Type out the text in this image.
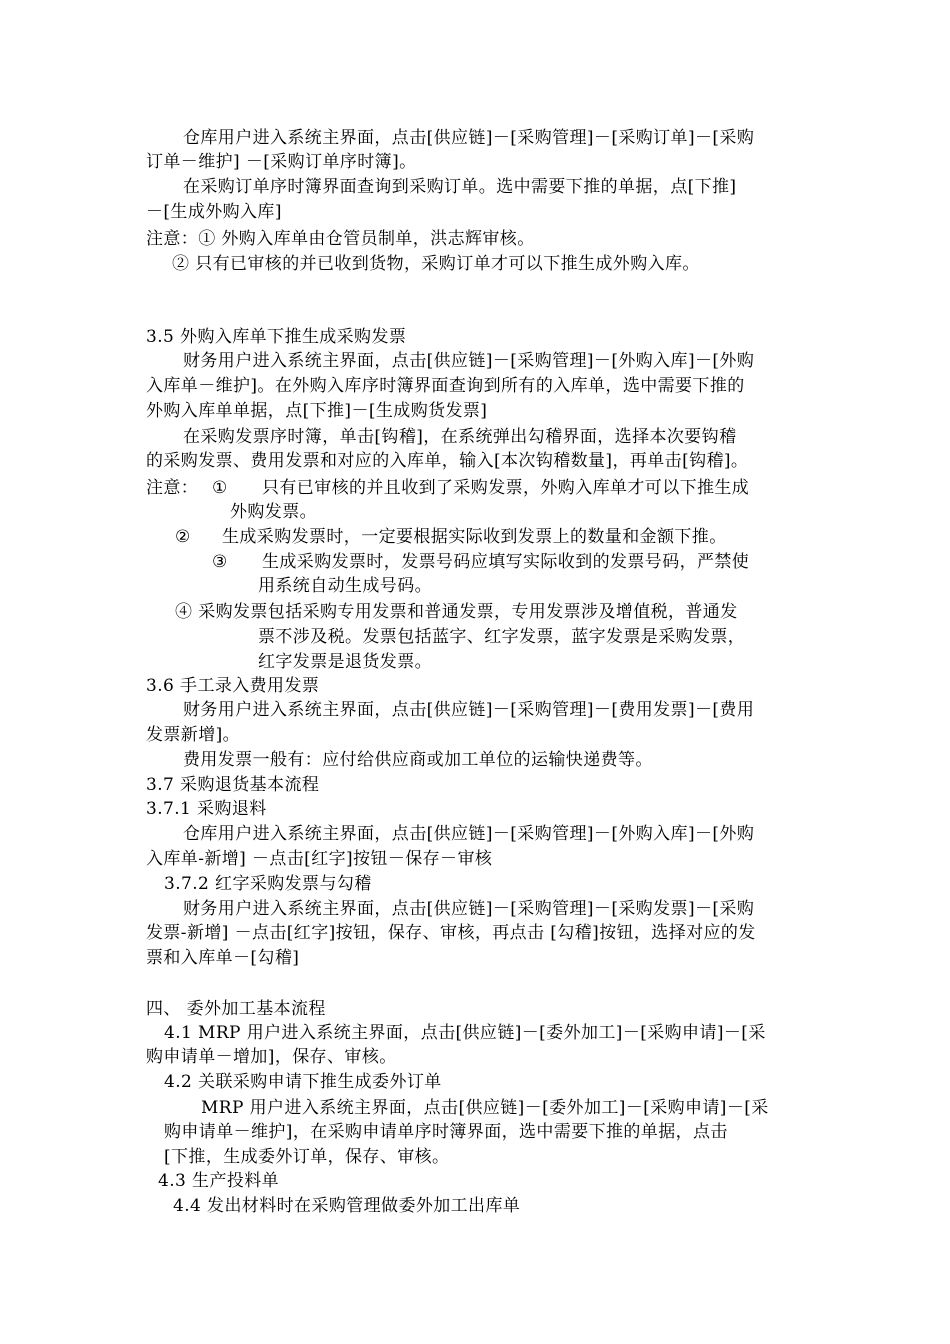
仓库用户进入系统主界面，点击[供应链]－[采购管理]－[采购订单]－[采购
订单－维护] －[采购订单序时簿]。
在采购订单序时簿界面查询到采购订单。选中需要下推的单据，点[下推]
－[生成外购入库]
注意：① 外购入库单由仓管员制单，洪志辉审核。
② 只有已审核的并已收到货物，采购订单才可以下推生成外购入库。
3.5 外购入库单下推生成采购发票
财务用户进入系统主界面，点击[供应链]－[采购管理]－[外购入库]－[外购
入库单－维护]。在外购入库序时簿界面查询到所有的入库单，选中需要下推的
外购入库单单据，点[下推]－[生成购货发票]
在采购发票序时簿，单击[钩稽]，在系统弹出勾稽界面，选择本次要钩稽
的采购发票、费用发票和对应的入库单，输入[本次钩稽数量]，再单击[钩稽]。
注意： ① 只有已审核的并且收到了采购发票，外购入库单才可以下推生成
外购发票。
② 生成采购发票时，一定要根据实际收到发票上的数量和金额下推。
③ 生成采购发票时，发票号码应填写实际收到的发票号码，严禁使
用系统自动生成号码。
④ 采购发票包括采购专用发票和普通发票，专用发票涉及增值税，普通发
票不涉及税。发票包括蓝字、红字发票，蓝字发票是采购发票，
红字发票是退货发票。
3.6 手工录入费用发票
财务用户进入系统主界面，点击[供应链]－[采购管理]－[费用发票]－[费用
发票新增]。
费用发票一般有：应付给供应商或加工单位的运输快递费等。
3.7 采购退货基本流程
3.7.1 采购退料
仓库用户进入系统主界面，点击[供应链]－[采购管理]－[外购入库]－[外购
入库单-新增] －点击[红字]按钮－保存－审核
3.7.2 红字采购发票与勾稽
财务用户进入系统主界面，点击[供应链]－[采购管理]－[采购发票]－[采购
发票-新增] －点击[红字]按钮，保存、审核，再点击 [勾稽]按钮，选择对应的发
票和入库单－[勾稽]
四、 委外加工基本流程
4.1 MRP 用户进入系统主界面，点击[供应链]－[委外加工]－[采购申请]－[采
购申请单－增加]，保存、审核。
4.2 关联采购申请下推生成委外订单
MRP 用户进入系统主界面，点击[供应链]－[委外加工]－[采购申请]－[采
购申请单－维护]，在采购申请单序时簿界面，选中需要下推的单据，点击
[下推，生成委外订单，保存、审核。
4.3 生产投料单
4.4 发出材料时在采购管理做委外加工出库单
